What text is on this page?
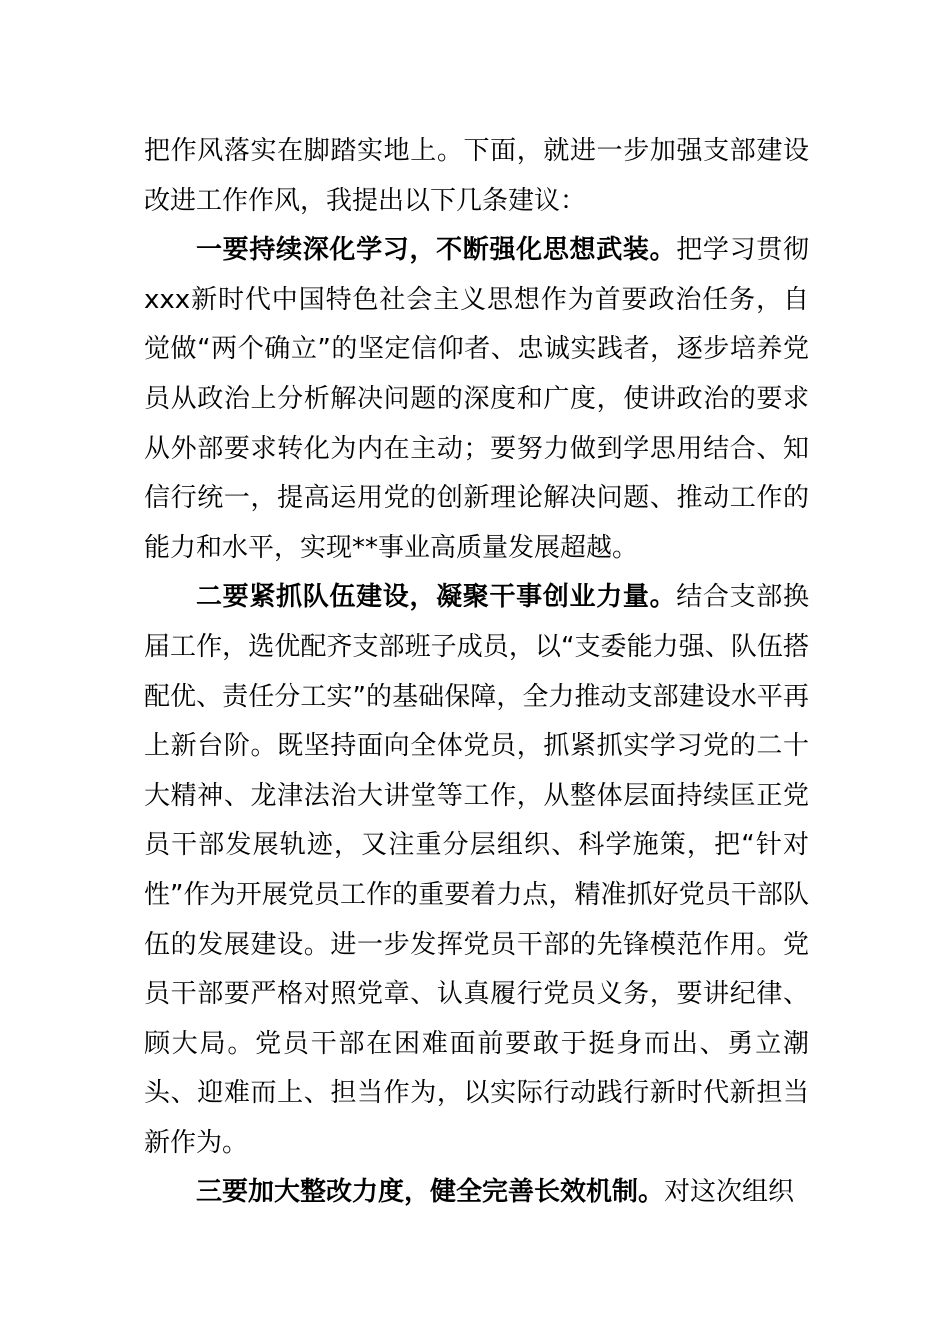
把作风落实在脚踏实地上。下面，就进一步加强支部建设改进工作作风，我提出以下几条建议：

一要持续深化学习，不断强化思想武装。把学习贯彻xxx新时代中国特色社会主义思想作为首要政治任务，自觉做“两个确立”的坚定信仰者、忠诚实践者，逐步培养党员从政治上分析解决问题的深度和广度，使讲政治的要求从外部要求转化为内在主动；要努力做到学思用结合、知信行统一，提高运用党的创新理论解决问题、推动工作的能力和水平，实现**事业高质量发展超越。

二要紧抓队伍建设，凝聚干事创业力量。结合支部换届工作，选优配齐支部班子成员，以“支委能力强、队伍搭配优、责任分工实”的基础保障，全力推动支部建设水平再上新台阶。既坚持面向全体党员，抓紧抓实学习党的二十大精神、龙津法治大讲堂等工作，从整体层面持续匡正党员干部发展轨迹，又注重分层组织、科学施策，把“针对性”作为开展党员工作的重要着力点，精准抓好党员干部队伍的发展建设。进一步发挥党员干部的先锋模范作用。党员干部要严格对照党章、认真履行党员义务，要讲纪律、顾大局。党员干部在困难面前要敢于挺身而出、勇立潮头、迎难而上、担当作为，以实际行动践行新时代新担当新作为。

三要加大整改力度，健全完善长效机制。对这次组织
